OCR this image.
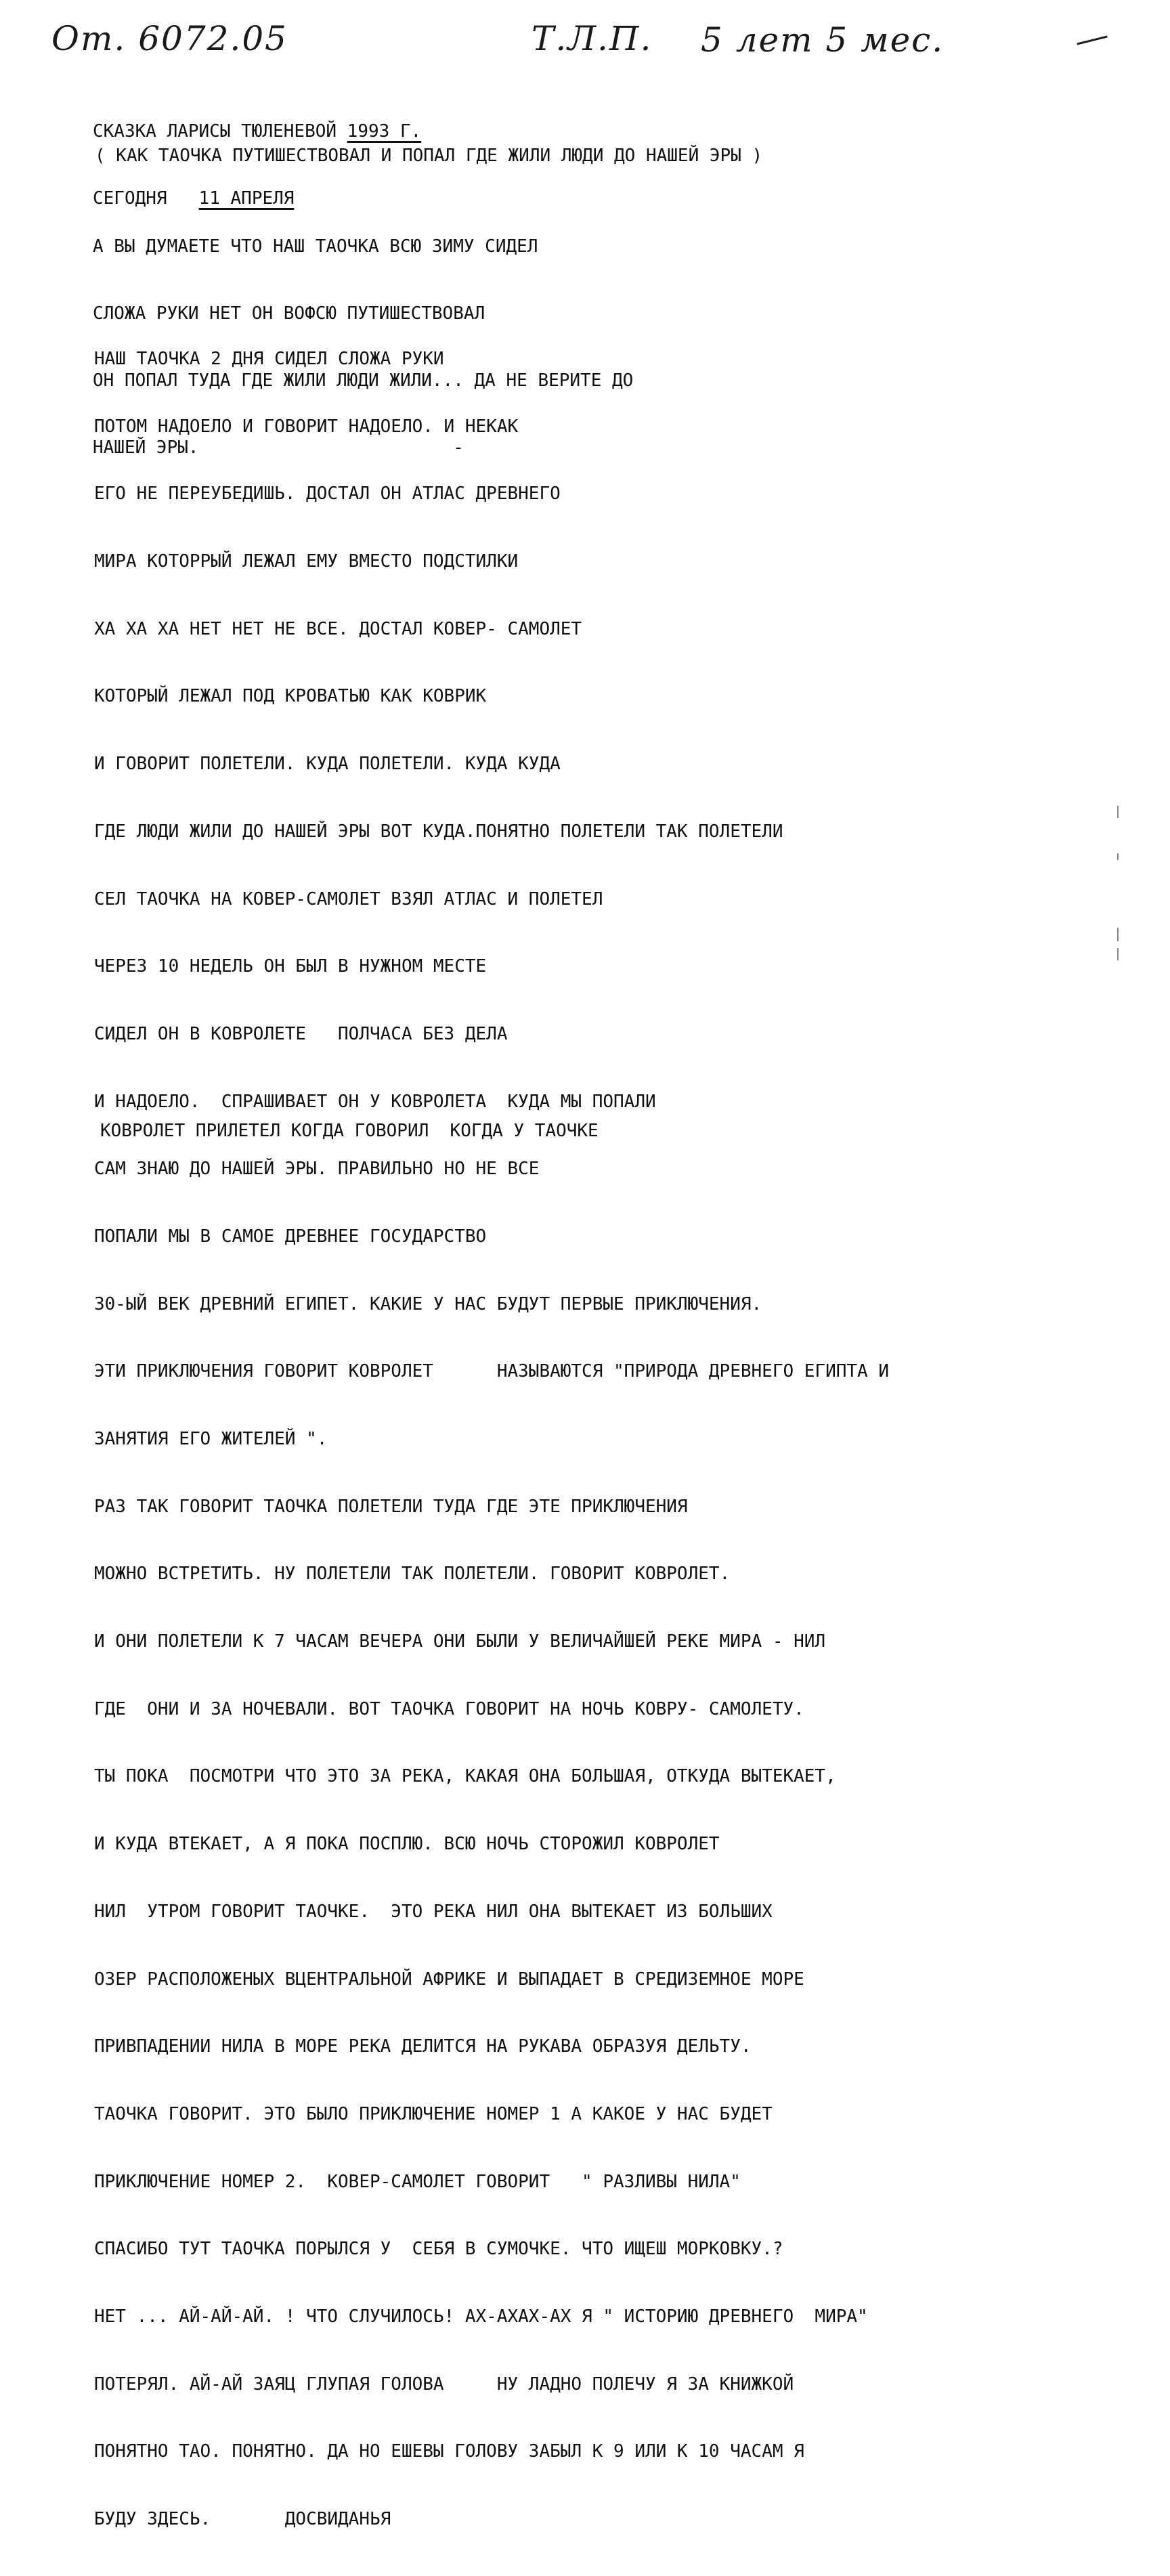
От. 6072.05	Т.Л.П. 5 лет 5 мес.

СКАЗКА ЛАРИСЫ ТЮЛЕНЕВОЙ 1993 Г.

СЕГОДНЯ   11 АПРЕЛЯ

( КАК ТАОЧКА ПУТИШЕСТВОВАЛ И ПОПАЛ ГДЕ ЖИЛИ ЛЮДИ ДО НАШЕЙ ЭРЫ )

А ВЫ ДУМАЕТЕ ЧТО НАШ ТАОЧКА ВСЮ ЗИМУ СИДЕЛ

СЛОЖА РУКИ НЕТ ОН ВОФСЮ ПУТИШЕСТВОВАЛ

ОН ПОПАЛ ТУДА ГДЕ ЖИЛИ ЛЮДИ ЖИЛИ... ДА НЕ ВЕРИТЕ ДО

НАШЕЙ ЭРЫ.                        -

НАШ ТАОЧКА 2 ДНЯ СИДЕЛ СЛОЖА РУКИ

ПОТОМ НАДОЕЛО И ГОВОРИТ НАДОЕЛО. И НЕКАК

ЕГО НЕ ПЕРЕУБЕДИШЬ. ДОСТАЛ ОН АТЛАС ДРЕВНЕГО

МИРА КОТОРРЫЙ ЛЕЖАЛ ЕМУ ВМЕСТО ПОДСТИЛКИ

ХА ХА ХА НЕТ НЕТ НЕ ВСЕ. ДОСТАЛ КОВЕР- САМОЛЕТ

КОТОРЫЙ ЛЕЖАЛ ПОД КРОВАТЬЮ КАК КОВРИК

И ГОВОРИТ ПОЛЕТЕЛИ. КУДА ПОЛЕТЕЛИ. КУДА КУДА

ГДЕ ЛЮДИ ЖИЛИ ДО НАШЕЙ ЭРЫ ВОТ КУДА.ПОНЯТНО ПОЛЕТЕЛИ ТАК ПОЛЕТЕЛИ

СЕЛ ТАОЧКА НА КОВЕР-САМОЛЕТ ВЗЯЛ АТЛАС И ПОЛЕТЕЛ

ЧЕРЕЗ 10 НЕДЕЛЬ ОН БЫЛ В НУЖНОМ МЕСТЕ

СИДЕЛ ОН В КОВРОЛЕТЕ   ПОЛЧАСА БЕЗ ДЕЛА

И НАДОЕЛО.  СПРАШИВАЕТ ОН У КОВРОЛЕТА  КУДА МЫ ПОПАЛИ

САМ ЗНАЮ ДО НАШЕЙ ЭРЫ. ПРАВИЛЬНО НО НЕ ВСЕ

ПОПАЛИ МЫ В САМОЕ ДРЕВНЕЕ ГОСУДАРСТВО

30-ЫЙ ВЕК ДРЕВНИЙ ЕГИПЕТ. КАКИЕ У НАС БУДУТ ПЕРВЫЕ ПРИКЛЮЧЕНИЯ.

ЭТИ ПРИКЛЮЧЕНИЯ ГОВОРИТ КОВРОЛЕТ      НАЗЫВАЮТСЯ "ПРИРОДА ДРЕВНЕГО ЕГИПТА И

ЗАНЯТИЯ ЕГО ЖИТЕЛЕЙ ".

РАЗ ТАК ГОВОРИТ ТАОЧКА ПОЛЕТЕЛИ ТУДА ГДЕ ЭТЕ ПРИКЛЮЧЕНИЯ

МОЖНО ВСТРЕТИТЬ. НУ ПОЛЕТЕЛИ ТАК ПОЛЕТЕЛИ. ГОВОРИТ КОВРОЛЕТ.

И ОНИ ПОЛЕТЕЛИ К 7 ЧАСАМ ВЕЧЕРА ОНИ БЫЛИ У ВЕЛИЧАЙШЕЙ РЕКЕ МИРА - НИЛ

ГДЕ  ОНИ И ЗА НОЧЕВАЛИ. ВОТ ТАОЧКА ГОВОРИТ НА НОЧЬ КОВРУ- САМОЛЕТУ.

ТЫ ПОКА  ПОСМОТРИ ЧТО ЭТО ЗА РЕКА, КАКАЯ ОНА БОЛЬШАЯ, ОТКУДА ВЫТЕКАЕТ,

И КУДА ВТЕКАЕТ, А Я ПОКА ПОСПЛЮ. ВСЮ НОЧЬ СТОРОЖИЛ КОВРОЛЕТ

НИЛ  УТРОМ ГОВОРИТ ТАОЧКЕ.  ЭТО РЕКА НИЛ ОНА ВЫТЕКАЕТ ИЗ БОЛЬШИХ

ОЗЕР РАСПОЛОЖЕНЫХ ВЦЕНТРАЛЬНОЙ АФРИКЕ И ВЫПАДАЕТ В СРЕДИЗЕМНОЕ МОРЕ

ПРИВПАДЕНИИ НИЛА В МОРЕ РЕКА ДЕЛИТСЯ НА РУКАВА ОБРАЗУЯ ДЕЛЬТУ.

ТАОЧКА ГОВОРИТ. ЭТО БЫЛО ПРИКЛЮЧЕНИЕ НОМЕР 1 А КАКОЕ У НАС БУДЕТ

ПРИКЛЮЧЕНИЕ НОМЕР 2.  КОВЕР-САМОЛЕТ ГОВОРИТ   " РАЗЛИВЫ НИЛА"

СПАСИБО ТУТ ТАОЧКА ПОРЫЛСЯ У  СЕБЯ В СУМОЧКЕ. ЧТО ИЩЕШ МОРКОВКУ.?

НЕТ ... АЙ-АЙ-АЙ. ! ЧТО СЛУЧИЛОСЬ! АХ-АХАХ-АХ Я " ИСТОРИЮ ДРЕВНЕГО  МИРА"

ПОТЕРЯЛ. АЙ-АЙ ЗАЯЦ ГЛУПАЯ ГОЛОВА     НУ ЛАДНО ПОЛЕЧУ Я ЗА КНИЖКОЙ

ПОНЯТНО ТАО. ПОНЯТНО. ДА НО ЕШЕВЫ ГОЛОВУ ЗАБЫЛ К 9 ИЛИ К 10 ЧАСАМ Я

БУДУ ЗДЕСЬ.       ДОСВИДАНЬЯ

КОВРОЛЕТ ПРИЛЕТЕЛ КОГДА ГОВОРИЛ  КОГДА У ТАОЧКЕ
